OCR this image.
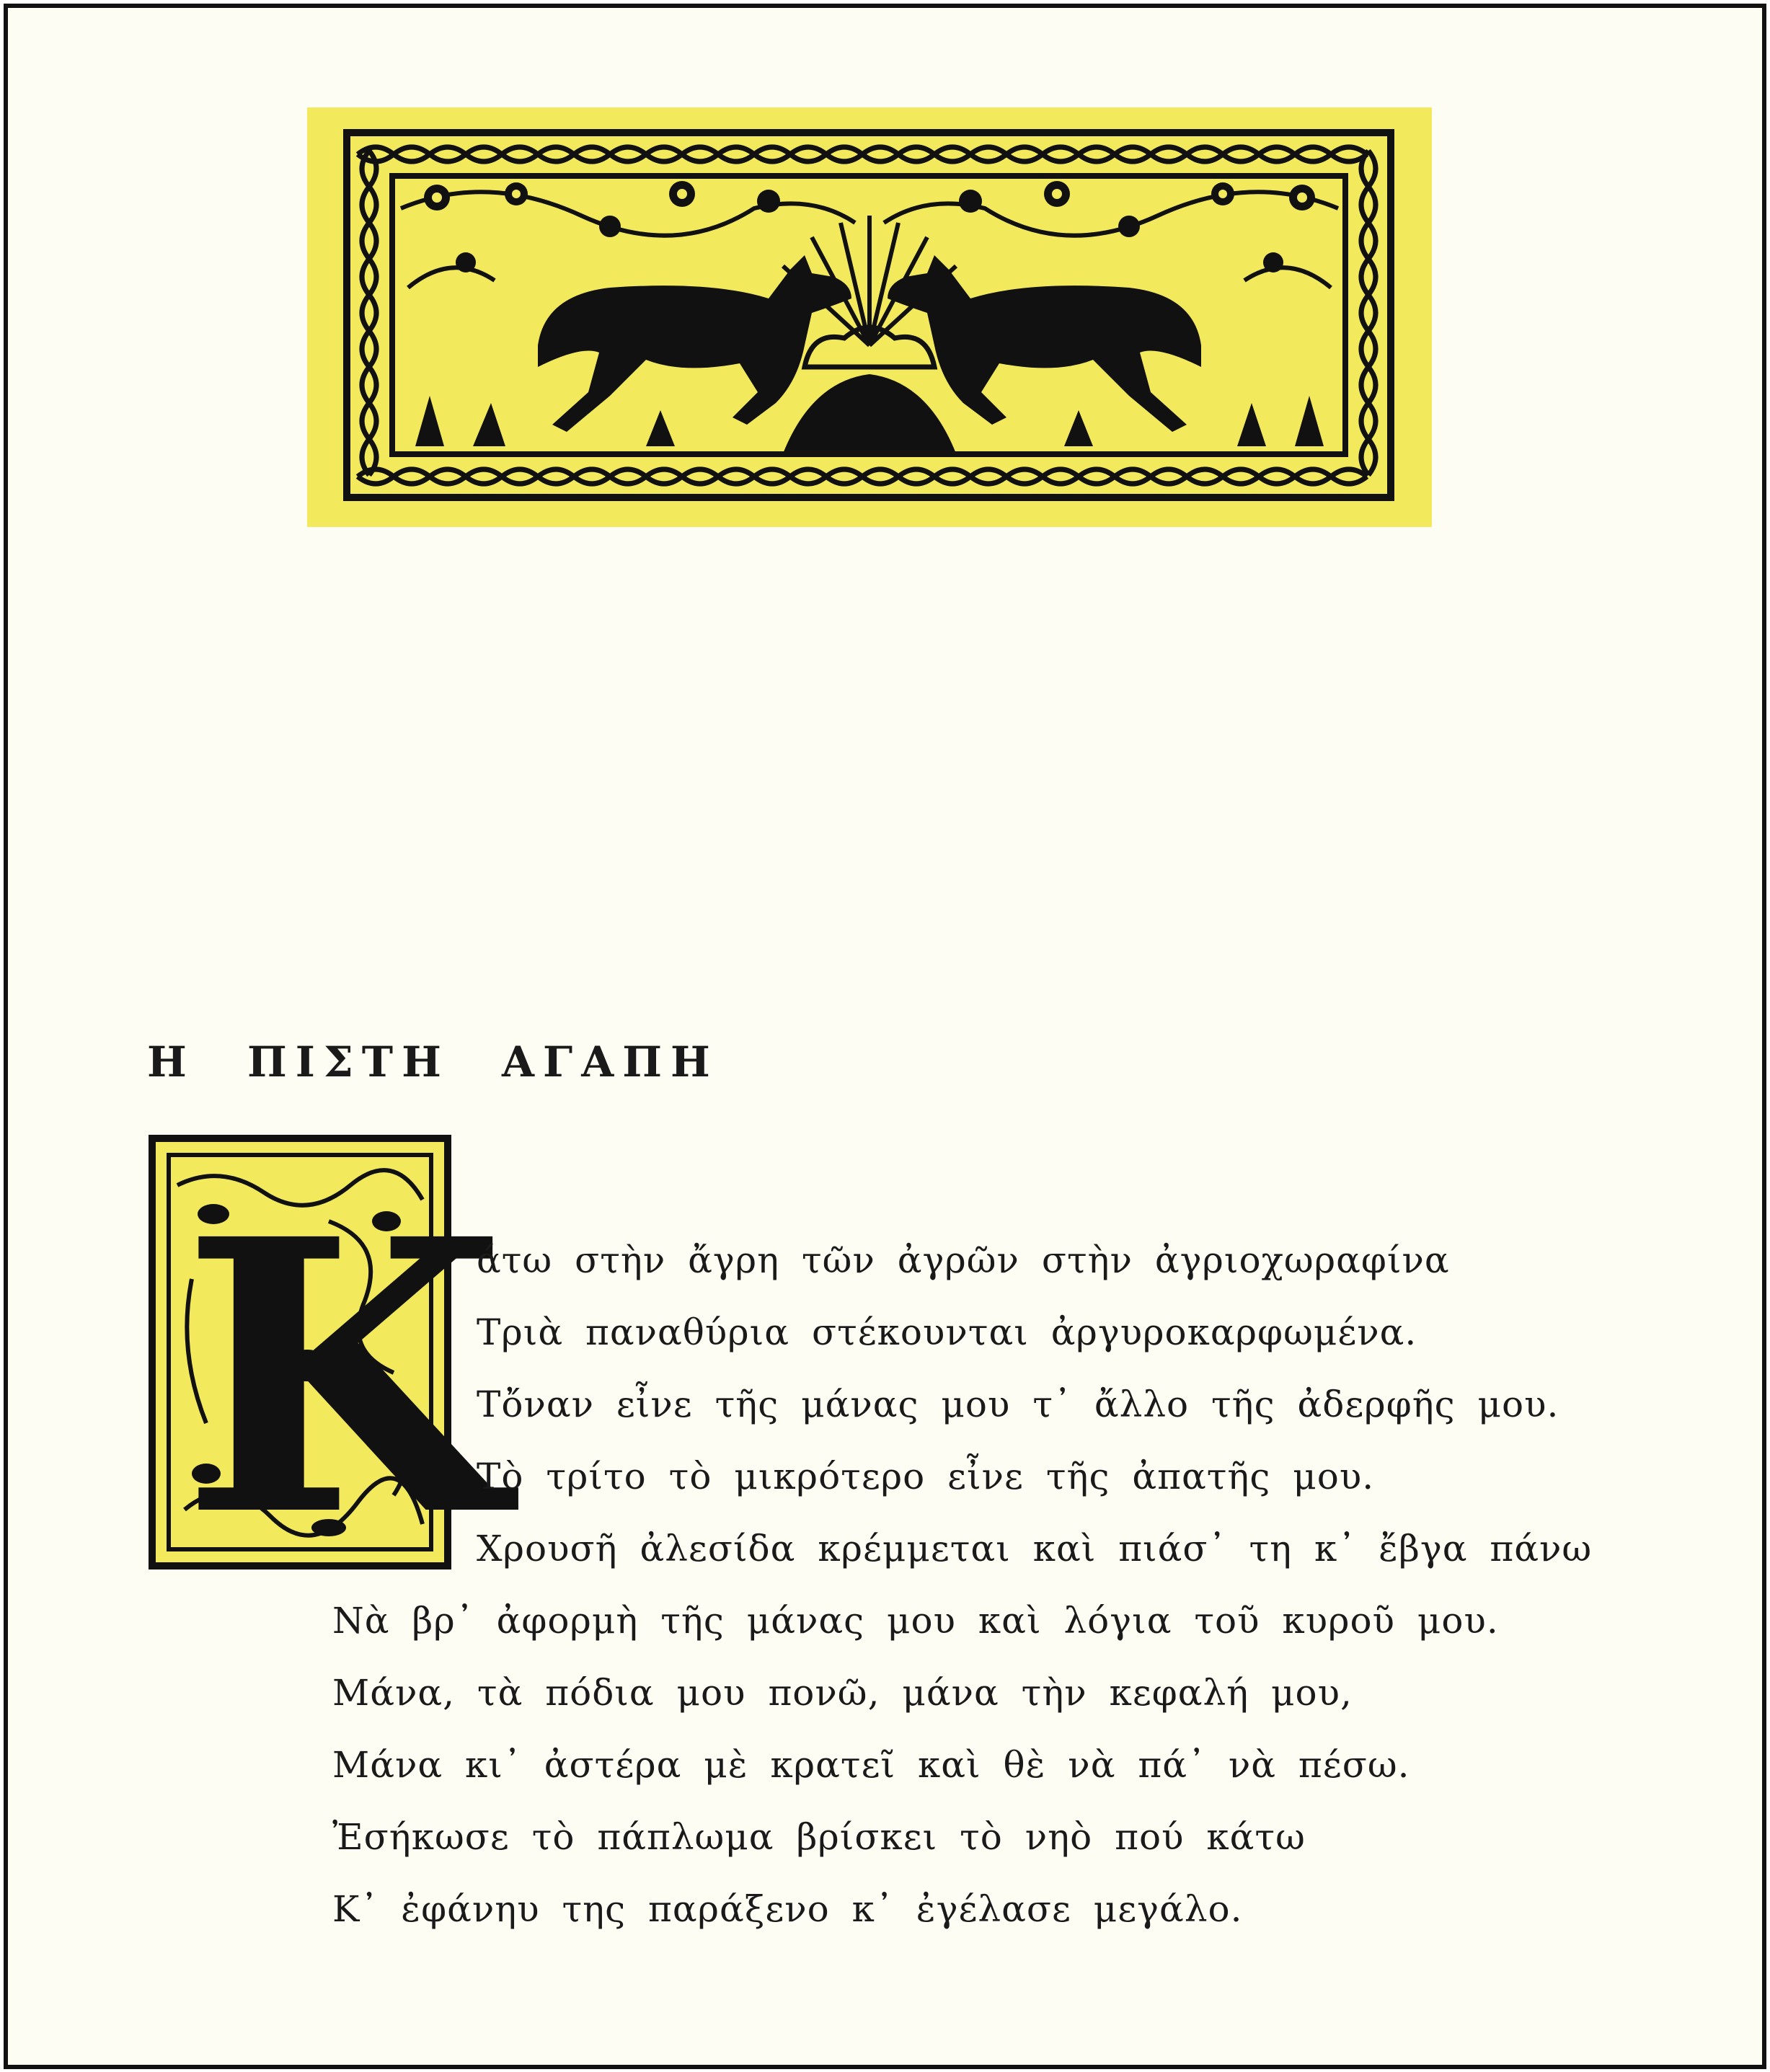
Η ΠΙΣΤΗ ΑΓΑΠΗ
K
άτω στὴν ἄγρη τῶν ἀγρῶν στὴν ἀγριοχωραφίνα
Τριὰ παναθύρια στέκουνται ἀργυροκαρφωμένα.
Τὄναν εἶνε τῆς μάνας μου τ᾽ ἄλλο τῆς ἀδερφῆς μου.
Τὸ τρίτο τὸ μικρότερο εἶνε τῆς ἀπατῆς μου.
Χρουσῆ ἀλεσίδα κρέμμεται καὶ πιάσ᾽ τη κ᾽ ἔβγα πάνω
Νὰ βρ᾽ ἀφορμὴ τῆς μάνας μου καὶ λόγια τοῦ κυροῦ μου.
Μάνα, τὰ πόδια μου πονῶ, μάνα τὴν κεφαλή μου,
Μάνα κι᾽ ἀστέρα μὲ κρατεῖ καὶ θὲ νὰ πά᾽ νὰ πέσω.
Ἐσήκωσε τὸ πάπλωμα βρίσκει τὸ νηὸ πού κάτω
Κ᾽ ἐφάνηυ της παράξενο κ᾽ ἐγέλασε μεγάλο.
